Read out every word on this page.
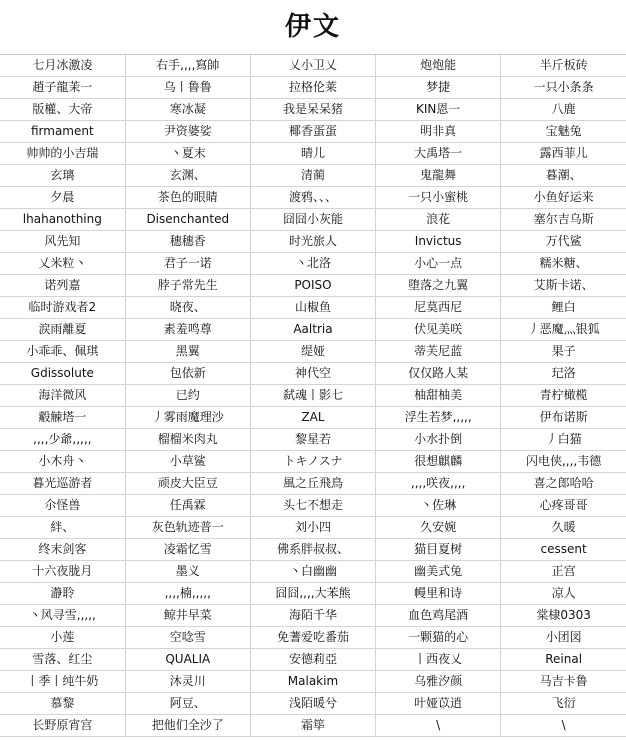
伊文
七月冰激凌	右手,,,,寫帥	乂小卫乂	炮炮能	半斤板砖
趙子龍茉一	乌丨鲁鲁	拉格伦莱	梦捷	一只小条条
版權、大帝	寒冰凝	我是呆呆猪	KIN恩一	八鹿
firmament	尹资婆娑	椰香蛋蛋	明非真	宝魅兔
帅帅的小吉瑞	丶夏末	晴儿	大禹塔一	露西菲儿
玄璃	玄渊、	清蔺	鬼龍舞	暮潮、
夕晨	茶色的眼睛	渡鸦、、、	一只小蜜桃	小鱼好运来
lhahanothing	Disenchanted	囧囧小灰能	浪花	塞尔吉乌斯
风先知	穗穗香	时光旅人	Invictus	万代鲨
乂米粒丶	君子一诺	丶北洛	小心一点	糯米糖、
诺列嘉	脖子常先生	POISO	堕落之九翼	艾斯卡诺、
临时游戏者2	晓夜、	山椒鱼	尼莫西尼	鲤白
涙雨離夏	素羞鸣尊	Aaltria	伏见美咲	丿恶魔灬银狐
小乖乖、佩琪	黑翼	缇娅	蒂芙尼蓝	果子
Gdissolute	包依新	神代空	仅仅路人某	玘洛
海洋微风	已约	弑魂丨影七	柚甜柚美	青柠橄榄
觳觫塔一	丿雾雨魔理沙	ZAL	浮生若梦,,,,,	伊布诺斯
,,,,少爺,,,,,	榴榴米肉丸	黎星若	小水扑倒	丿白猫
小木舟丶	小草鲨	トキノスナ	很想麒麟	闪电侠,,,,韦德
暮光巡游者	顽皮大臣豆	風之丘飛鳥	,,,,咲夜,,,,	喜之郎哈哈
尒怪兽	任禹霖	头七不想走	丶佐琳	心疼哥哥
絆、	灰色轨迹普一	刘小四	久安婉	久暖
终末剑客	凌霜忆雪	佛系胖叔叔、	猫目夏树	cessent
十六夜胧月	墨义	丶白幽幽	幽美式兔	正宫
瀞聆	,,,,楠,,,,,	囧囧,,,,大苯熊	幔里和诗	凉人
丶风寻雪,,,,,	鲸井早菜	海陌千华	血色鸡尾酒	棠棣0303
小莲	空唸雪	免蓍爱吃番茄	一颗猫的心	小团図
雪落、红尘	QUALIA	安德莉亞	丨西夜乂	Reinal
丨季丨纯牛奶	沐灵川	Malakim	乌雅汐颜	马吉卡鲁
慕黎	阿豆、	浅陌暖兮	叶娅苡逍	飞衍
长野原宵宫	把他们全沙了	霜筚	\	\
